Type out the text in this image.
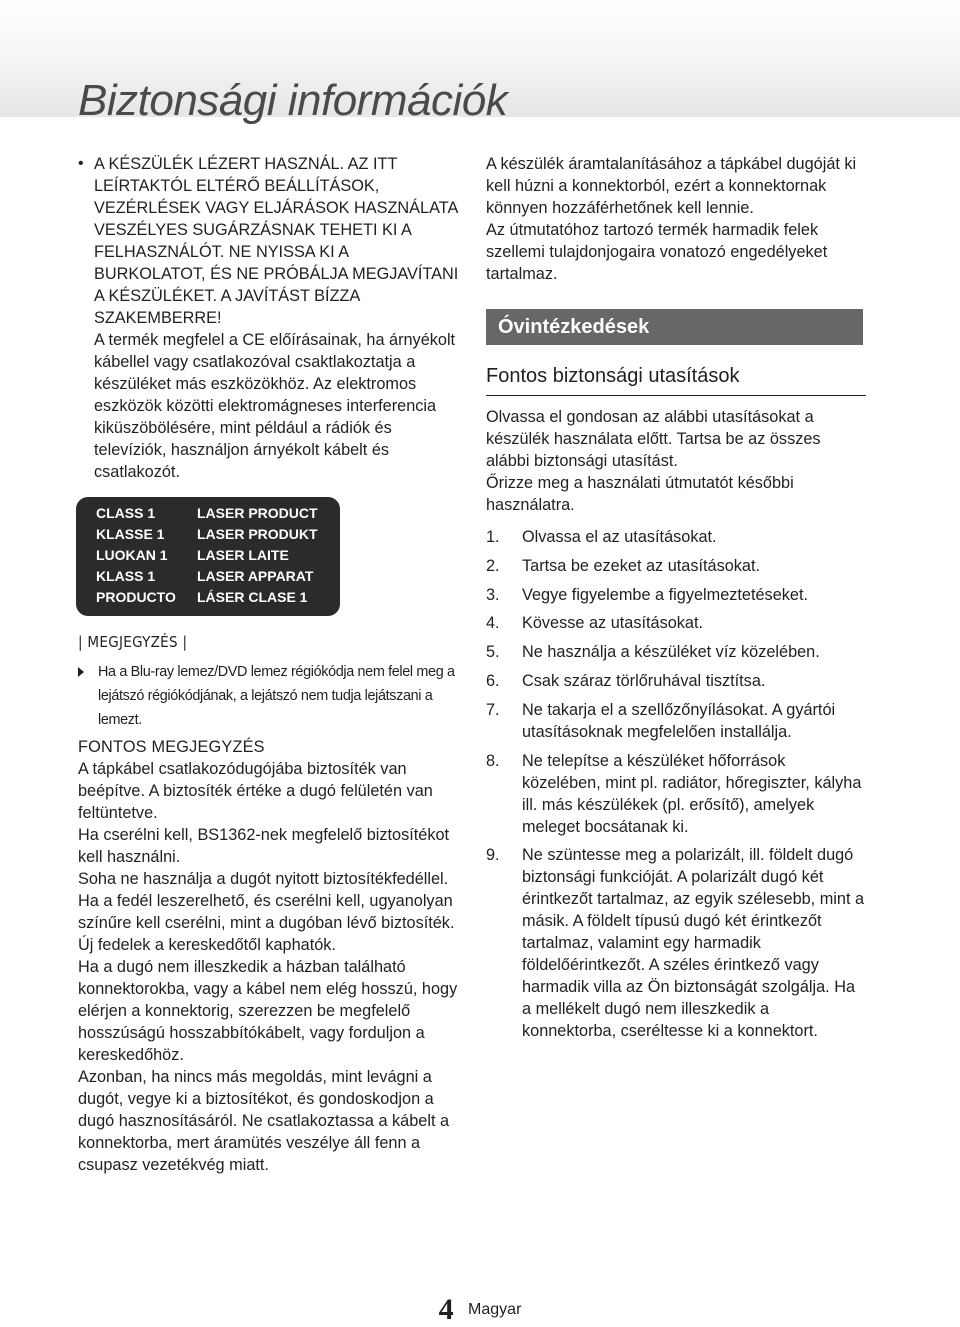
Biztonsági információk
• A KÉSZÜLÉK LÉZERT HASZNÁL. AZ ITT LEÍRTAKTÓL ELTÉRŐ BEÁLLÍTÁSOK, VEZÉRLÉSEK VAGY ELJÁRÁSOK HASZNÁLATA VESZÉLYES SUGÁRZÁSNAK TEHETI KI A FELHASZNÁLÓT. NE NYISSA KI A BURKOLATOT, ÉS NE PRÓBÁLJA MEGJAVÍTANI A KÉSZÜLÉKET. A JAVÍTÁST BÍZZA SZAKEMBERRE!
A termék megfelel a CE előírásainak, ha árnyékolt kábellel vagy csatlakozóval csaktlakoztatja a készüléket más eszközökhöz. Az elektromos eszközök közötti elektromágneses interferencia kiküszöbölésére, mint például a rádiók és televíziók, használjon árnyékolt kábelt és csatlakozót.
CLASS 1	LASER PRODUCT
KLASSE 1	LASER PRODUKT
LUOKAN 1	LASER LAITE
KLASS 1	LASER APPARAT
PRODUCTO	LÁSER CLASE 1
| MEGJEGYZÉS |
Ha a Blu-ray lemez/DVD lemez régiókódja nem felel meg a lejátszó régiókódjának, a lejátszó nem tudja lejátszani a lemezt.
FONTOS MEGJEGYZÉS
A tápkábel csatlakozódugójába biztosíték van beépítve. A biztosíték értéke a dugó felületén van feltüntetve.
Ha cserélni kell, BS1362-nek megfelelő biztosítékot kell használni.
Soha ne használja a dugót nyitott biztosítékfedéllel. Ha a fedél leszerelhető, és cserélni kell, ugyanolyan színűre kell cserélni, mint a dugóban lévő biztosíték. Új fedelek a kereskedőtől kaphatók.
Ha a dugó nem illeszkedik a házban található konnektorokba, vagy a kábel nem elég hosszú, hogy elérjen a konnektorig, szerezzen be megfelelő hosszúságú hosszabbítókábelt, vagy forduljon a kereskedőhöz.
Azonban, ha nincs más megoldás, mint levágni a dugót, vegye ki a biztosítékot, és gondoskodjon a dugó hasznosításáról. Ne csatlakoztassa a kábelt a konnektorba, mert áramütés veszélye áll fenn a csupasz vezetékvég miatt.
A készülék áramtalanításához a tápkábel dugóját ki kell húzni a konnektorból, ezért a konnektornak könnyen hozzáférhetőnek kell lennie.
Az útmutatóhoz tartozó termék harmadik felek szellemi tulajdonjogaira vonatozó engedélyeket tartalmaz.
Óvintézkedések
Fontos biztonsági utasítások
Olvassa el gondosan az alábbi utasításokat a készülék használata előtt. Tartsa be az összes alábbi biztonsági utasítást.
Őrizze meg a használati útmutatót későbbi használatra.
1.	Olvassa el az utasításokat.
2.	Tartsa be ezeket az utasításokat.
3.	Vegye figyelembe a figyelmeztetéseket.
4.	Kövesse az utasításokat.
5.	Ne használja a készüléket víz közelében.
6.	Csak száraz törlőruhával tisztítsa.
7.	Ne takarja el a szellőzőnyílásokat. A gyártói utasításoknak megfelelően installálja.
8.	Ne telepítse a készüléket hőforrások közelében, mint pl. radiátor, hőregiszter, kályha ill. más készülékek (pl. erősítő), amelyek meleget bocsátanak ki.
9.	Ne szüntesse meg a polarizált, ill. földelt dugó biztonsági funkcióját. A polarizált dugó két érintkezőt tartalmaz, az egyik szélesebb, mint a másik. A földelt típusú dugó két érintkezőt tartalmaz, valamint egy harmadik földelőérintkezőt. A széles érintkező vagy harmadik villa az Ön biztonságát szolgálja. Ha a mellékelt dugó nem illeszkedik a konnektorba, cseréltesse ki a konnektort.
4 Magyar
